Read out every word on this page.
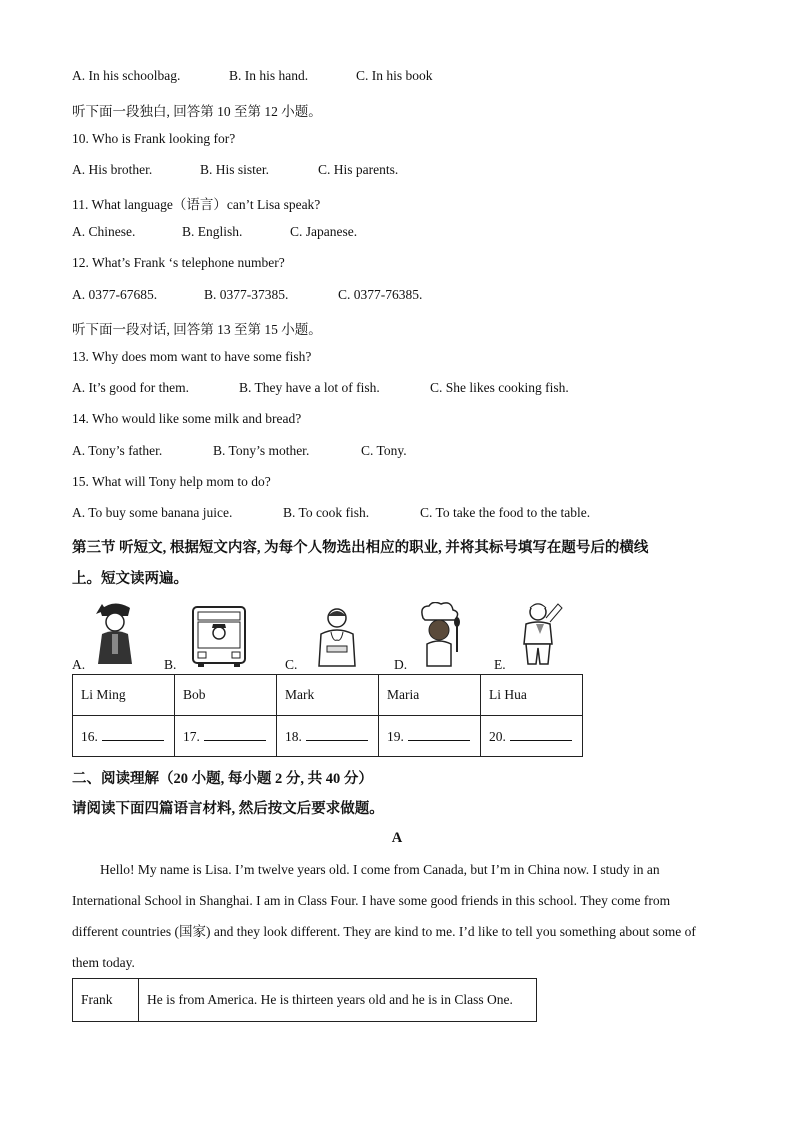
A. In his schoolbag.	B. In his hand.	C. In his book
听下面一段独白, 回答第 10 至第 12 小题。
10. Who is Frank looking for?
A. His brother.	B. His sister.	C. His parents.
11. What language（语言）can’t Lisa speak?
A. Chinese.	B. English.	C. Japanese.
12. What’s Frank ‘s telephone number?
A. 0377-67685.	B. 0377-37385.	C. 0377-76385.
听下面一段对话, 回答第 13 至第 15 小题。
13. Why does mom want to have some fish?
A. It’s good for them.	B. They have a lot of fish.	C. She likes cooking fish.
14. Who would like some milk and bread?
A. Tony’s father.	B. Tony’s mother.	C. Tony.
15. What will Tony help mom to do?
A. To buy some banana juice.	B. To cook fish.	C. To take the food to the table.
第三节 听短文, 根据短文内容, 为每个人物选出相应的职业, 并将其标号填写在题号后的横线
上。短文读两遍。
A.	B.	C.	D.	E.
Li Ming	Bob	Mark	Maria	Li Hua
16.	17.	18.	19.	20.
二、阅读理解（20 小题, 每小题 2 分, 共 40 分）
请阅读下面四篇语言材料, 然后按文后要求做题。
A
Hello! My name is Lisa. I’m twelve years old. I come from Canada, but I’m in China now. I study in an
International School in Shanghai. I am in Class Four. I have some good friends in this school. They come from
different countries (国家) and they look different. They are kind to me. I’d like to tell you something about some of
them today.
Frank	He is from America. He is thirteen years old and he is in Class One.
